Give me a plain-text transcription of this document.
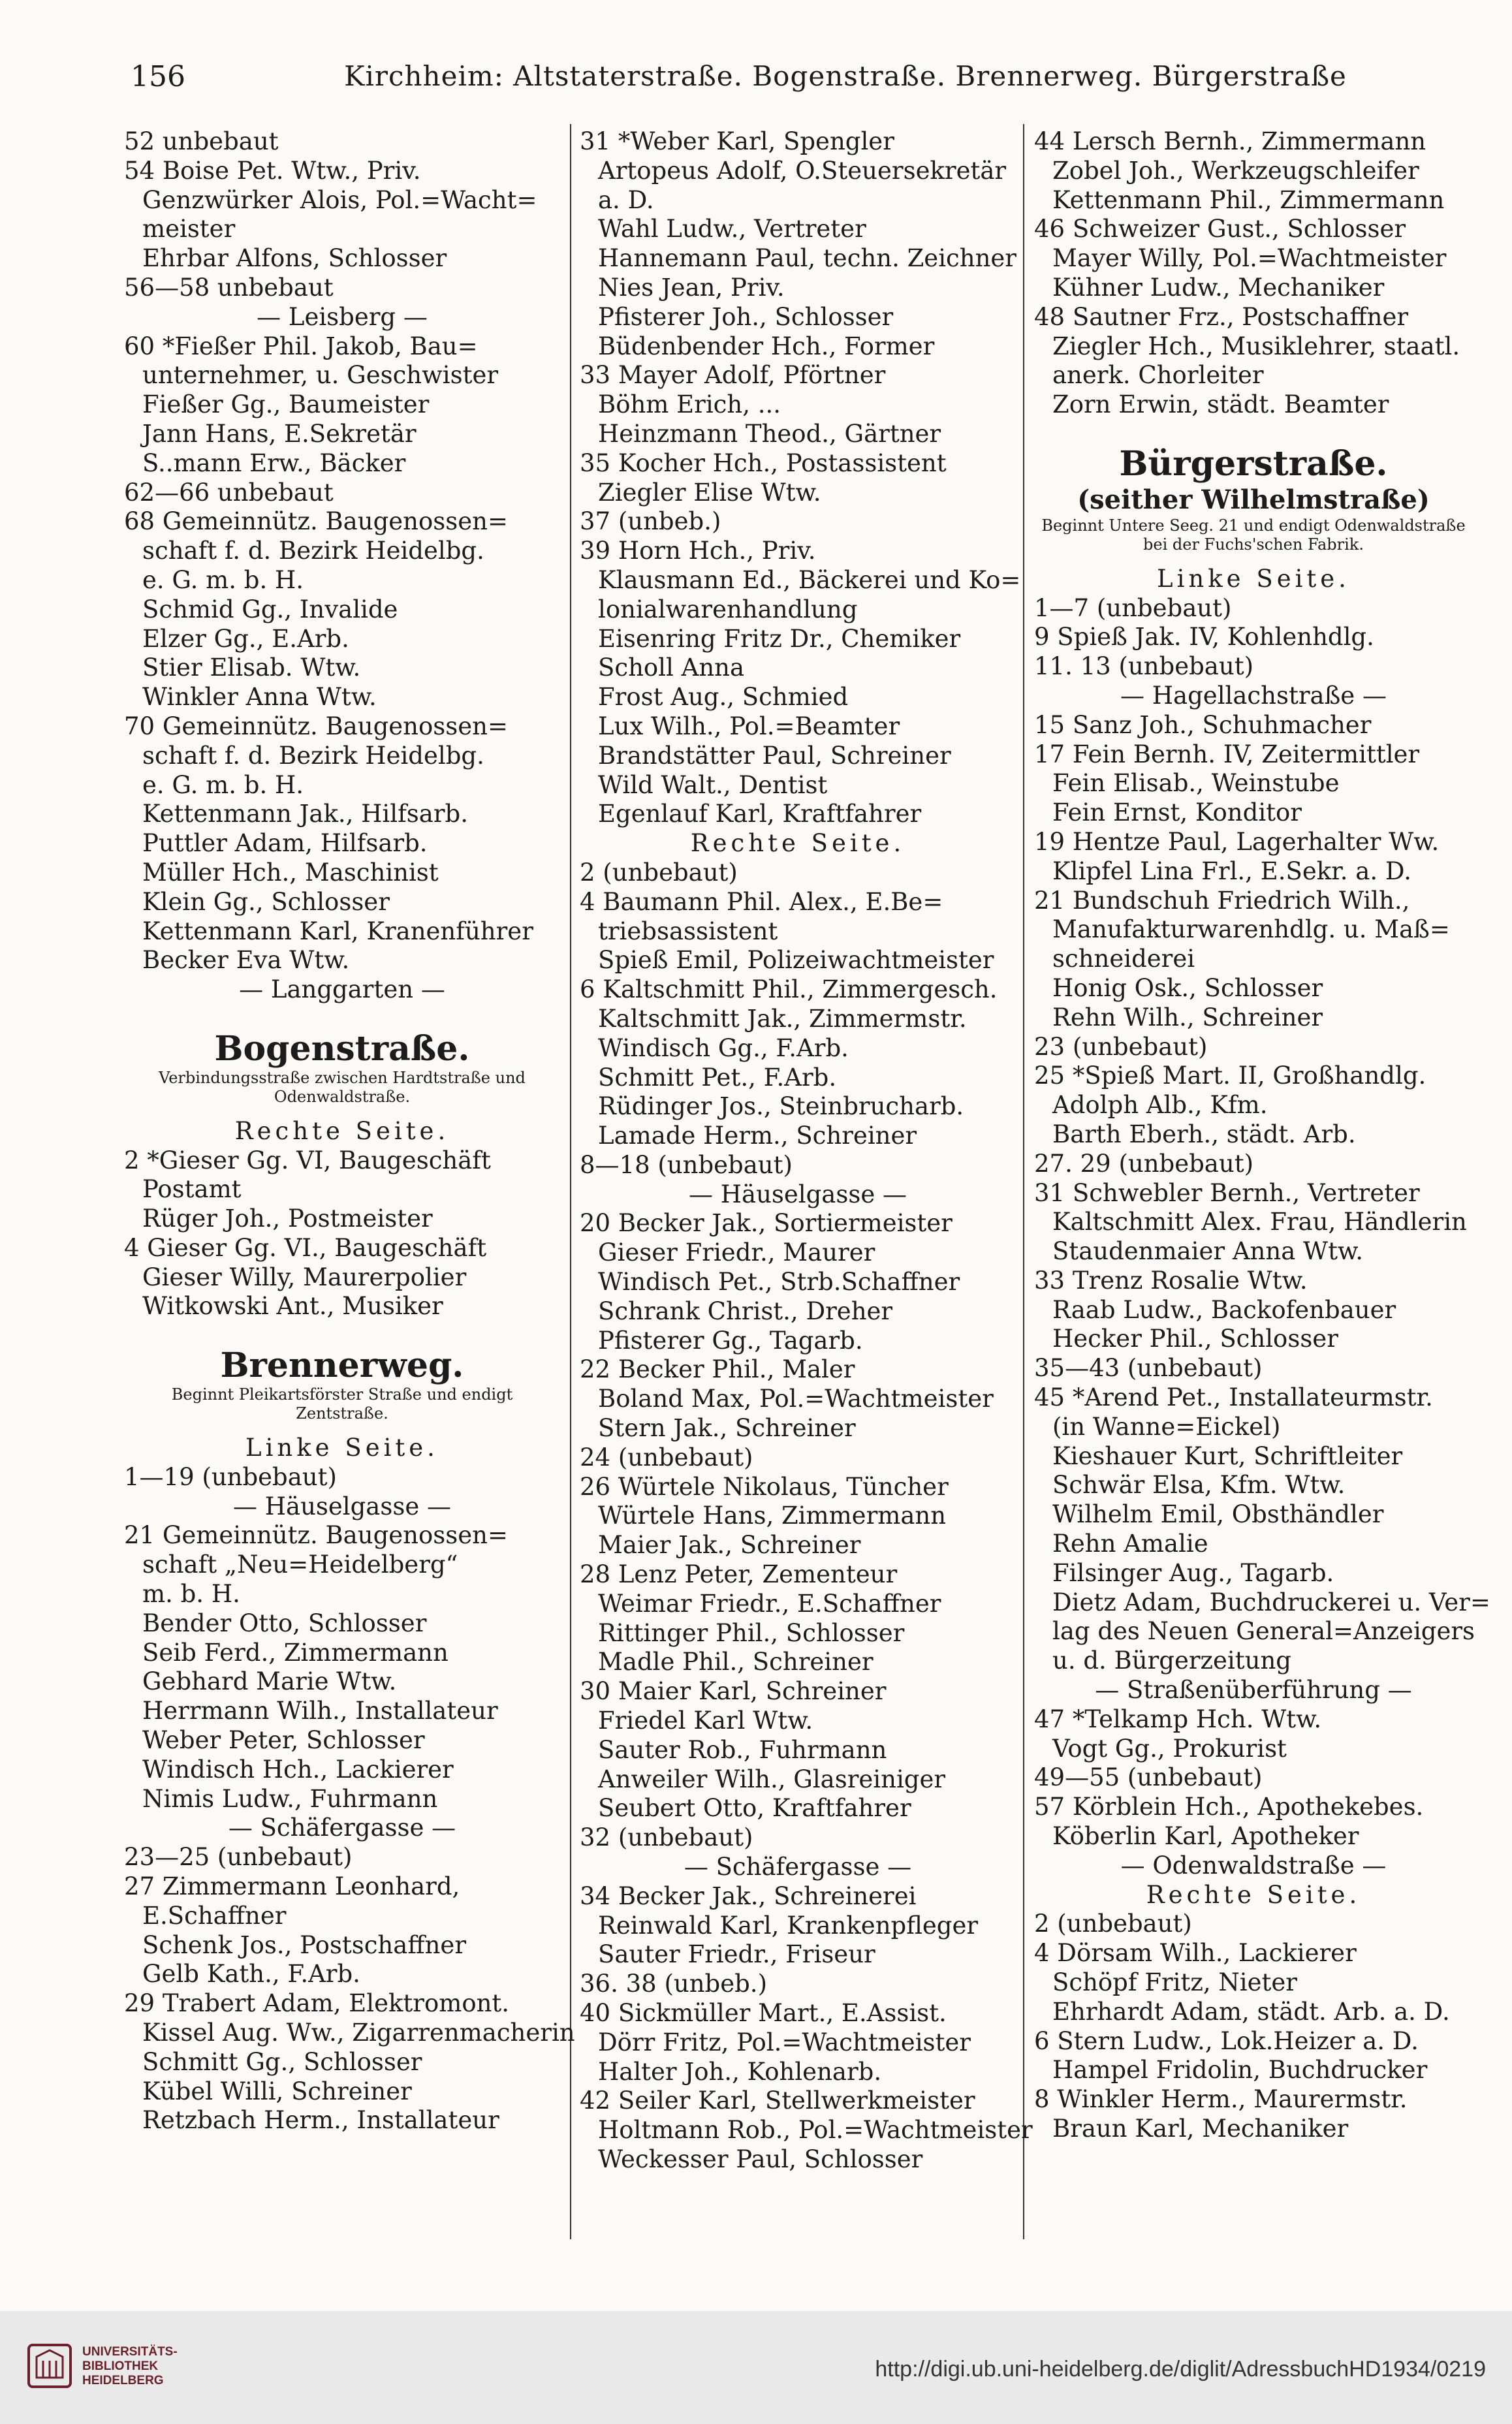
156	Kirchheim: Altstaterstraße. Bogenstraße. Brennerweg. Bürgerstraße
52 unbebaut
54 Boise Pet. Wtw., Priv.
Genzwürker Alois, Pol.=Wacht=
meister
Ehrbar Alfons, Schlosser
56—58 unbebaut
— Leisberg —
60 *Fießer Phil. Jakob, Bau=
unternehmer, u. Geschwister
Fießer Gg., Baumeister
Jann Hans, E.Sekretär
S..mann Erw., Bäcker
62—66 unbebaut
68 Gemeinnütz. Baugenossen=
schaft f. d. Bezirk Heidelbg.
e. G. m. b. H.
Schmid Gg., Invalide
Elzer Gg., E.Arb.
Stier Elisab. Wtw.
Winkler Anna Wtw.
70 Gemeinnütz. Baugenossen=
schaft f. d. Bezirk Heidelbg.
e. G. m. b. H.
Kettenmann Jak., Hilfsarb.
Puttler Adam, Hilfsarb.
Müller Hch., Maschinist
Klein Gg., Schlosser
Kettenmann Karl, Kranenführer
Becker Eva Wtw.
— Langgarten —
Bogenstraße.
Verbindungsstraße zwischen Hardtstraße und Odenwaldstraße.
Rechte Seite.
2 *Gieser Gg. VI, Baugeschäft
Postamt
Rüger Joh., Postmeister
4 Gieser Gg. VI., Baugeschäft
Gieser Willy, Maurerpolier
Witkowski Ant., Musiker
Brennerweg.
Beginnt Pleikartsförster Straße und endigt Zentstraße.
Linke Seite.
1—19 (unbebaut)
— Häuselgasse —
21 Gemeinnütz. Baugenossen=
schaft „Neu=Heidelberg“
m. b. H.
Bender Otto, Schlosser
Seib Ferd., Zimmermann
Gebhard Marie Wtw.
Herrmann Wilh., Installateur
Weber Peter, Schlosser
Windisch Hch., Lackierer
Nimis Ludw., Fuhrmann
— Schäfergasse —
23—25 (unbebaut)
27 Zimmermann Leonhard,
E.Schaffner
Schenk Jos., Postschaffner
Gelb Kath., F.Arb.
29 Trabert Adam, Elektromont.
Kissel Aug. Ww., Zigarrenmacherin
Schmitt Gg., Schlosser
Kübel Willi, Schreiner
Retzbach Herm., Installateur
31 *Weber Karl, Spengler
Artopeus Adolf, O.Steuersekretär
a. D.
Wahl Ludw., Vertreter
Hannemann Paul, techn. Zeichner
Nies Jean, Priv.
Pfisterer Joh., Schlosser
Büdenbender Hch., Former
33 Mayer Adolf, Pförtner
Böhm Erich, ...
Heinzmann Theod., Gärtner
35 Kocher Hch., Postassistent
Ziegler Elise Wtw.
37 (unbeb.)
39 Horn Hch., Priv.
Klausmann Ed., Bäckerei und Ko=
lonialwarenhandlung
Eisenring Fritz Dr., Chemiker
Scholl Anna
Frost Aug., Schmied
Lux Wilh., Pol.=Beamter
Brandstätter Paul, Schreiner
Wild Walt., Dentist
Egenlauf Karl, Kraftfahrer
Rechte Seite.
2 (unbebaut)
4 Baumann Phil. Alex., E.Be=
triebsassistent
Spieß Emil, Polizeiwachtmeister
6 Kaltschmitt Phil., Zimmergesch.
Kaltschmitt Jak., Zimmermstr.
Windisch Gg., F.Arb.
Schmitt Pet., F.Arb.
Rüdinger Jos., Steinbrucharb.
Lamade Herm., Schreiner
8—18 (unbebaut)
— Häuselgasse —
20 Becker Jak., Sortiermeister
Gieser Friedr., Maurer
Windisch Pet., Strb.Schaffner
Schrank Christ., Dreher
Pfisterer Gg., Tagarb.
22 Becker Phil., Maler
Boland Max, Pol.=Wachtmeister
Stern Jak., Schreiner
24 (unbebaut)
26 Würtele Nikolaus, Tüncher
Würtele Hans, Zimmermann
Maier Jak., Schreiner
28 Lenz Peter, Zementeur
Weimar Friedr., E.Schaffner
Rittinger Phil., Schlosser
Madle Phil., Schreiner
30 Maier Karl, Schreiner
Friedel Karl Wtw.
Sauter Rob., Fuhrmann
Anweiler Wilh., Glasreiniger
Seubert Otto, Kraftfahrer
32 (unbebaut)
— Schäfergasse —
34 Becker Jak., Schreinerei
Reinwald Karl, Krankenpfleger
Sauter Friedr., Friseur
36. 38 (unbeb.)
40 Sickmüller Mart., E.Assist.
Dörr Fritz, Pol.=Wachtmeister
Halter Joh., Kohlenarb.
42 Seiler Karl, Stellwerkmeister
Holtmann Rob., Pol.=Wachtmeister
Weckesser Paul, Schlosser
44 Lersch Bernh., Zimmermann
Zobel Joh., Werkzeugschleifer
Kettenmann Phil., Zimmermann
46 Schweizer Gust., Schlosser
Mayer Willy, Pol.=Wachtmeister
Kühner Ludw., Mechaniker
48 Sautner Frz., Postschaffner
Ziegler Hch., Musiklehrer, staatl.
anerk. Chorleiter
Zorn Erwin, städt. Beamter
Bürgerstraße.
(seither Wilhelmstraße)
Beginnt Untere Seeg. 21 und endigt Odenwaldstraße bei der Fuchs'schen Fabrik.
Linke Seite.
1—7 (unbebaut)
9 Spieß Jak. IV, Kohlenhdlg.
11. 13 (unbebaut)
— Hagellachstraße —
15 Sanz Joh., Schuhmacher
17 Fein Bernh. IV, Zeitermittler
Fein Elisab., Weinstube
Fein Ernst, Konditor
19 Hentze Paul, Lagerhalter Ww.
Klipfel Lina Frl., E.Sekr. a. D.
21 Bundschuh Friedrich Wilh.,
Manufakturwarenhdlg. u. Maß=
schneiderei
Honig Osk., Schlosser
Rehn Wilh., Schreiner
23 (unbebaut)
25 *Spieß Mart. II, Großhandlg.
Adolph Alb., Kfm.
Barth Eberh., städt. Arb.
27. 29 (unbebaut)
31 Schwebler Bernh., Vertreter
Kaltschmitt Alex. Frau, Händlerin
Staudenmaier Anna Wtw.
33 Trenz Rosalie Wtw.
Raab Ludw., Backofenbauer
Hecker Phil., Schlosser
35—43 (unbebaut)
45 *Arend Pet., Installateurmstr.
(in Wanne=Eickel)
Kieshauer Kurt, Schriftleiter
Schwär Elsa, Kfm. Wtw.
Wilhelm Emil, Obsthändler
Rehn Amalie
Filsinger Aug., Tagarb.
Dietz Adam, Buchdruckerei u. Ver=
lag des Neuen General=Anzeigers
u. d. Bürgerzeitung
— Straßenüberführung —
47 *Telkamp Hch. Wtw.
Vogt Gg., Prokurist
49—55 (unbebaut)
57 Körblein Hch., Apothekebes.
Köberlin Karl, Apotheker
— Odenwaldstraße —
Rechte Seite.
2 (unbebaut)
4 Dörsam Wilh., Lackierer
Schöpf Fritz, Nieter
Ehrhardt Adam, städt. Arb. a. D.
6 Stern Ludw., Lok.Heizer a. D.
Hampel Fridolin, Buchdrucker
8 Winkler Herm., Maurermstr.
Braun Karl, Mechaniker
UNIVERSITÄTS-
BIBLIOTHEK
HEIDELBERG	http://digi.ub.uni-heidelberg.de/diglit/AdressbuchHD1934/0219
